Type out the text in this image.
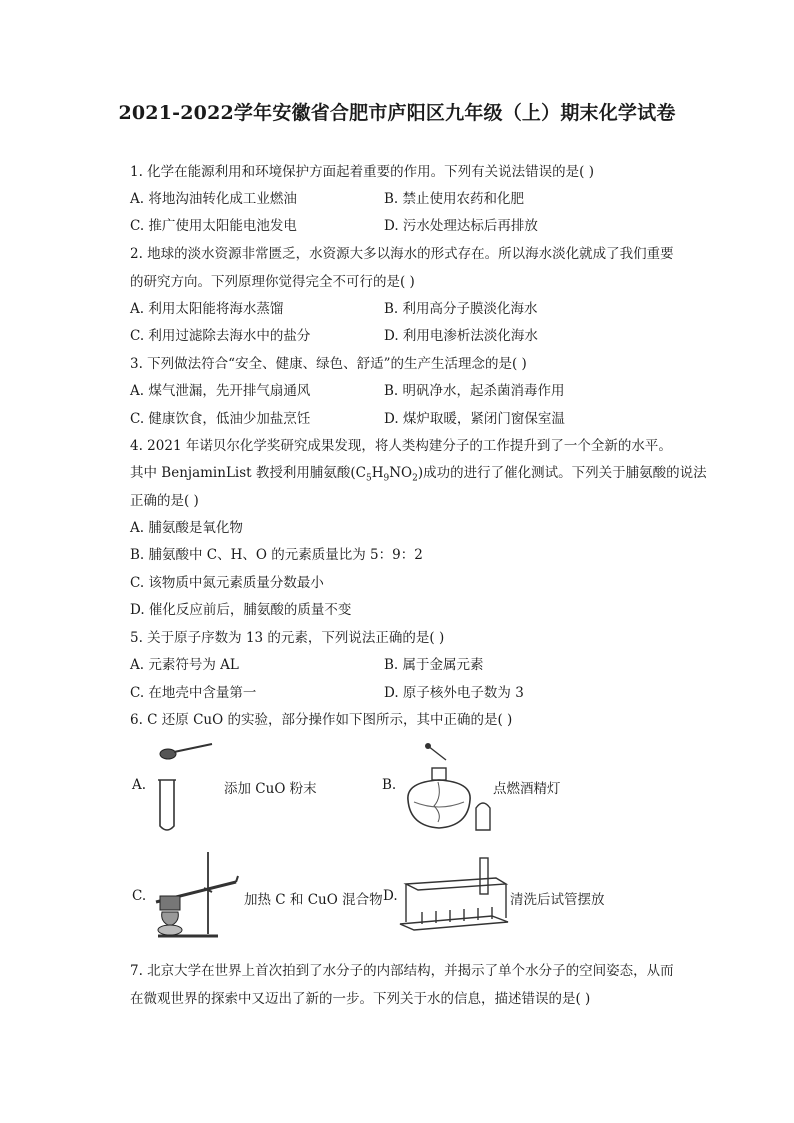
2021-2022学年安徽省合肥市庐阳区九年级（上）期末化学试卷
1. 化学在能源利用和环境保护方面起着重要的作用。下列有关说法错误的是( )
A. 将地沟油转化成工业燃油	B. 禁止使用农药和化肥
C. 推广使用太阳能电池发电	D. 污水处理达标后再排放
2. 地球的淡水资源非常匮乏，水资源大多以海水的形式存在。所以海水淡化就成了我们重要
的研究方向。下列原理你觉得完全不可行的是( )
A. 利用太阳能将海水蒸馏	B. 利用高分子膜淡化海水
C. 利用过滤除去海水中的盐分	D. 利用电渗析法淡化海水
3. 下列做法符合“安全、健康、绿色、舒适”的生产生活理念的是( )
A. 煤气泄漏，先开排气扇通风	B. 明矾净水，起杀菌消毒作用
C. 健康饮食，低油少加盐烹饪	D. 煤炉取暖，紧闭门窗保室温
4. 2021 年诺贝尔化学奖研究成果发现，将人类构建分子的工作提升到了一个全新的水平。
其中 BenjaminList 教授利用脯氨酸$(C_5H_9NO_2)$成功的进行了催化测试。下列关于脯氨酸的说法
正确的是( )
A. 脯氨酸是氧化物
B. 脯氨酸中 C、H、O 的元素质量比为 5：9：2
C. 该物质中氮元素质量分数最小
D. 催化反应前后，脯氨酸的质量不变
5. 关于原子序数为 13 的元素，下列说法正确的是( )
A. 元素符号为 AL	B. 属于金属元素
C. 在地壳中含量第一	D. 原子核外电子数为 3
6. C 还原 CuO 的实验，部分操作如下图所示，其中正确的是( )
A.	添加 CuO 粉末	B.	点燃酒精灯
C.	加热 C 和 CuO 混合物 D.	清洗后试管摆放
7. 北京大学在世界上首次拍到了水分子的内部结构，并揭示了单个水分子的空间姿态，从而
在微观世界的探索中又迈出了新的一步。下列关于水的信息，描述错误的是( )
